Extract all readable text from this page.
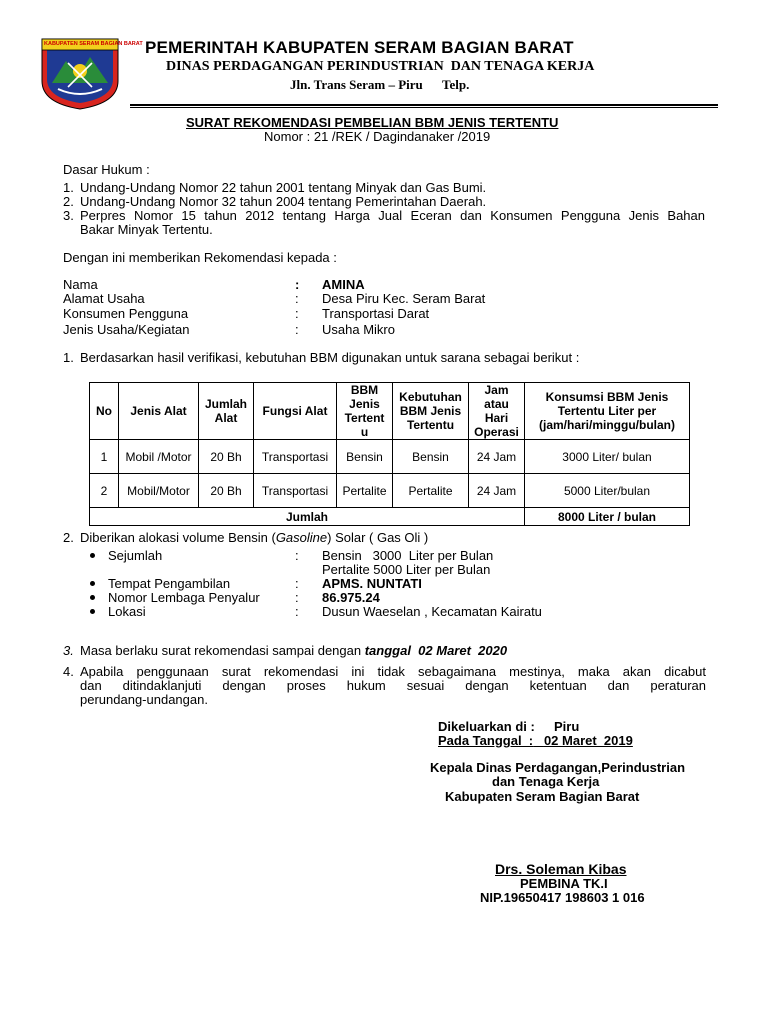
KABUPATEN SERAM BAGIAN BARAT PEMERINTAH KABUPATEN SERAM BAGIAN BARAT
DINAS PERDAGANGAN PERINDUSTRIAN  DAN TENAGA KERJA
Jln. Trans Seram – Piru      Telp.
SURAT REKOMENDASI PEMBELIAN BBM JENIS TERTENTU
Nomor : 21 /REK / Dagindanaker /2019
Dasar Hukum :
1. Undang-Undang Nomor 22 tahun 2001 tentang Minyak dan Gas Bumi.
2. Undang-Undang Nomor 32 tahun 2004 tentang Pemerintahan Daerah.
3. Perpres Nomor 15 tahun 2012 tentang Harga Jual Eceran dan Konsumen Pengguna Jenis Bahan
Bakar Minyak Tertentu.
Dengan ini memberikan Rekomendasi kepada :
Nama	: AMINA
Alamat Usaha	: Desa Piru Kec. Seram Barat
Konsumen Pengguna	: Transportasi Darat
Jenis Usaha/Kegiatan	: Usaha Mikro
1. Berdasarkan hasil verifikasi, kebutuhan BBM digunakan untuk sarana sebagai berikut :
No	Jenis Alat	Jumlah Alat	Fungsi Alat	BBM Jenis Tertent u	Kebutuhan BBM Jenis Tertentu	Jam atau Hari Operasi	Konsumsi BBM Jenis Tertentu Liter per (jam/hari/minggu/bulan)
1	Mobil /Motor	20 Bh	Transportasi	Bensin	Bensin	24 Jam	3000 Liter/ bulan
2	Mobil/Motor	20 Bh	Transportasi	Pertalite	Pertalite	24 Jam	5000 Liter/bulan
Jumlah							8000 Liter / bulan
2. Diberikan alokasi volume Bensin (Gasoline) Solar ( Gas Oli )
Sejumlah	: Bensin   3000  Liter per Bulan
Pertalite 5000 Liter per Bulan
Tempat Pengambilan	: APMS. NUNTATI
Nomor Lembaga Penyalur	: 86.975.24
Lokasi	: Dusun Waeselan , Kecamatan Kairatu
3. Masa berlaku surat rekomendasi sampai dengan tanggal  02 Maret  2020
4. Apabila penggunaan surat rekomendasi ini tidak sebagaimana mestinya, maka akan dicabut
dan ditindaklanjuti dengan proses hukum sesuai dengan ketentuan dan peraturan
perundang-undangan.
Dikeluarkan di : Piru
Pada Tanggal  : 02 Maret  2019
Kepala Dinas Perdagangan,Perindustrian
dan Tenaga Kerja
Kabupaten Seram Bagian Barat
Drs. Soleman Kibas
PEMBINA TK.I
NIP.19650417 198603 1 016
